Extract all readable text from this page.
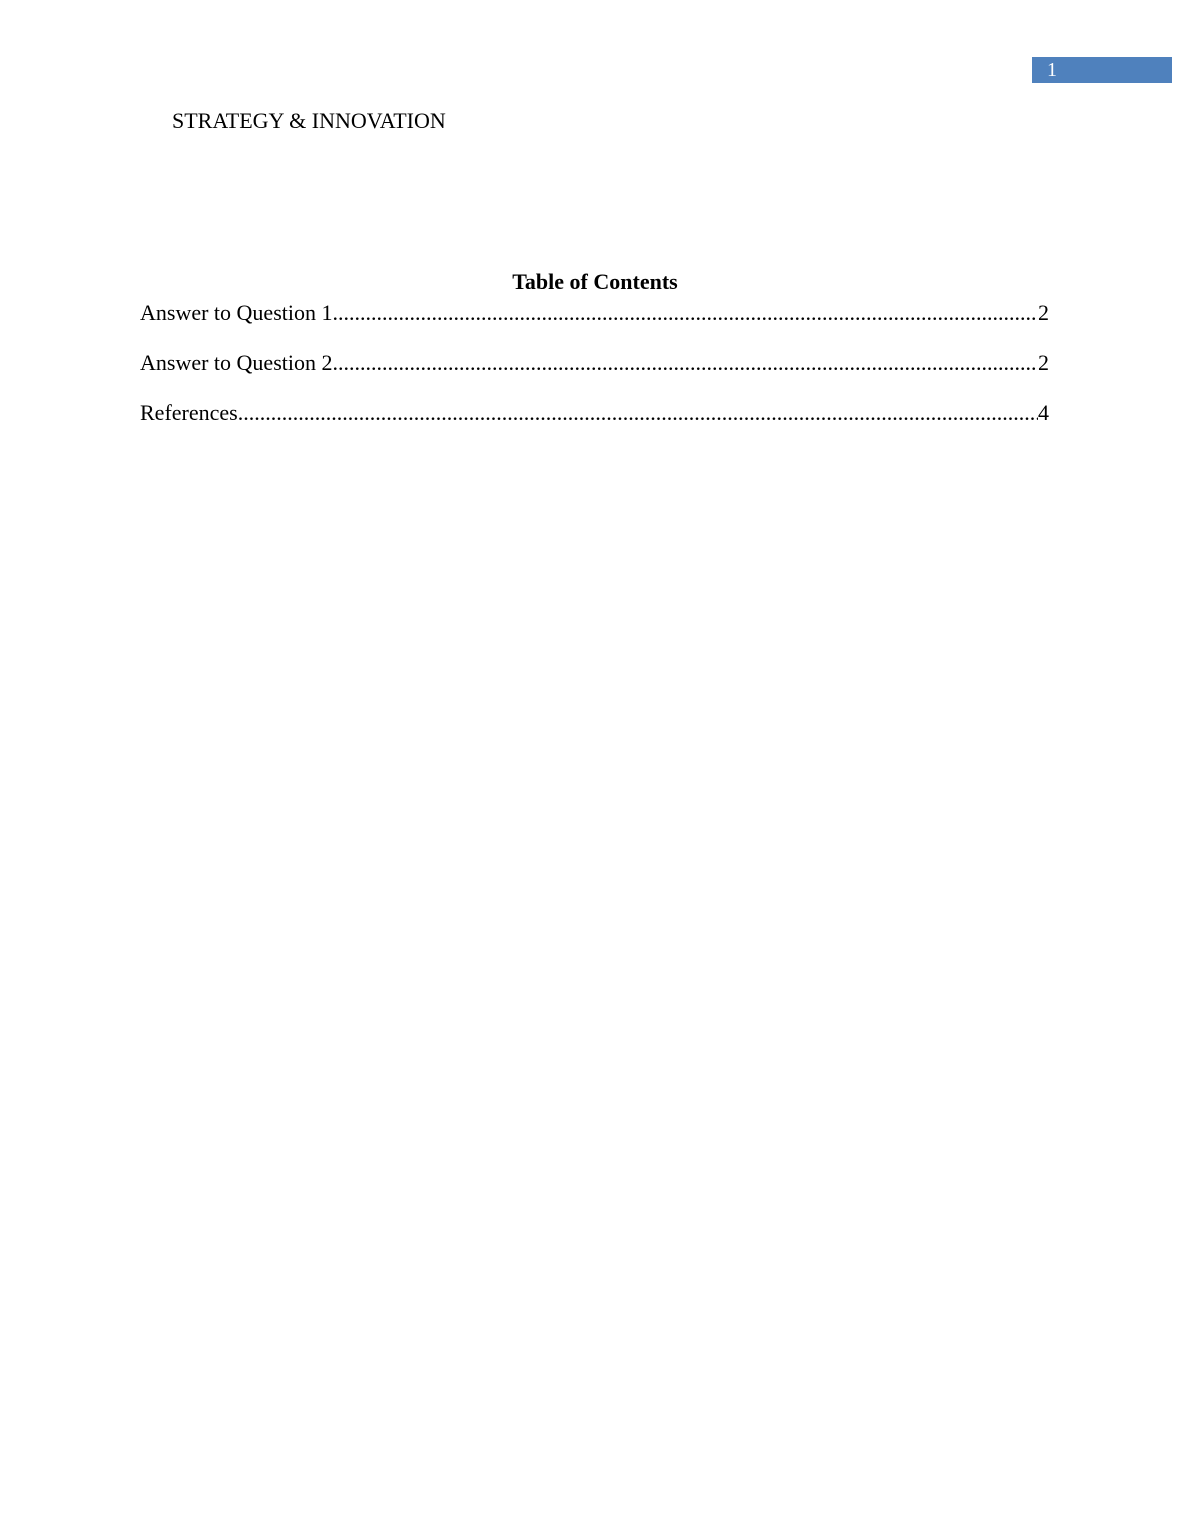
1
STRATEGY & INNOVATION
Table of Contents
Answer to Question 1 .....	2
Answer to Question 2 .....	2
References .....	4
